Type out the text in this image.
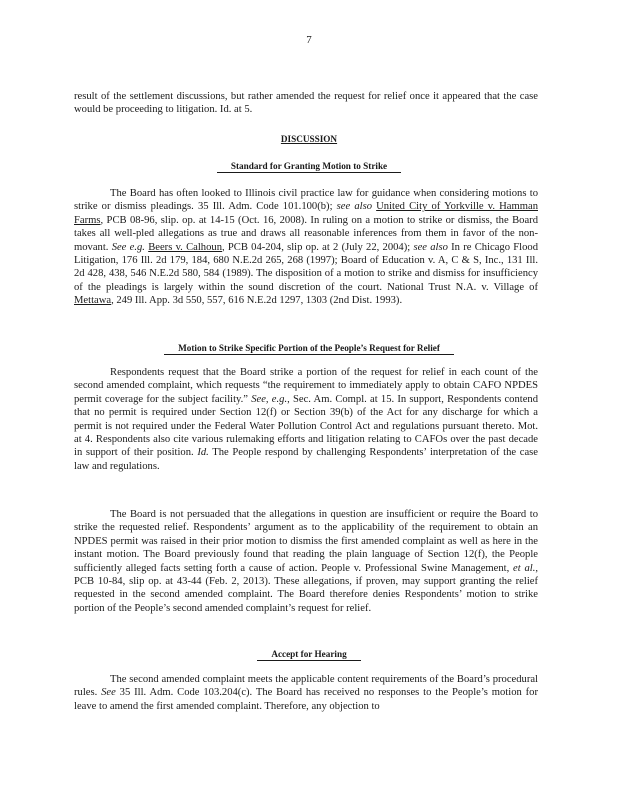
7

result of the settlement discussions, but rather amended the request for relief once it appeared that the case would be proceeding to litigation. Id. at 5.

DISCUSSION
Standard for Granting Motion to Strike

The Board has often looked to Illinois civil practice law for guidance when considering motions to strike or dismiss pleadings. 35 Ill. Adm. Code 101.100(b); see also United City of Yorkville v. Hamman Farms, PCB 08-96, slip. op. at 14-15 (Oct. 16, 2008). In ruling on a motion to strike or dismiss, the Board takes all well-pled allegations as true and draws all reasonable inferences from them in favor of the non-movant. See e.g. Beers v. Calhoun, PCB 04-204, slip op. at 2 (July 22, 2004); see also In re Chicago Flood Litigation, 176 Ill. 2d 179, 184, 680 N.E.2d 265, 268 (1997); Board of Education v. A, C & S, Inc., 131 Ill. 2d 428, 438, 546 N.E.2d 580, 584 (1989). The disposition of a motion to strike and dismiss for insufficiency of the pleadings is largely within the sound discretion of the court. National Trust N.A. v. Village of Mettawa, 249 Ill. App. 3d 550, 557, 616 N.E.2d 1297, 1303 (2nd Dist. 1993).

Motion to Strike Specific Portion of the People’s Request for Relief

Respondents request that the Board strike a portion of the request for relief in each count of the second amended complaint, which requests “the requirement to immediately apply to obtain CAFO NPDES permit coverage for the subject facility.” See, e.g., Sec. Am. Compl. at 15. In support, Respondents contend that no permit is required under Section 12(f) or Section 39(b) of the Act for any discharge for which a permit is not required under the Federal Water Pollution Control Act and regulations pursuant thereto. Mot. at 4. Respondents also cite various rulemaking efforts and litigation relating to CAFOs over the past decade in support of their position. Id. The People respond by challenging Respondents’ interpretation of the case law and regulations.

The Board is not persuaded that the allegations in question are insufficient or require the Board to strike the requested relief. Respondents’ argument as to the applicability of the requirement to obtain an NPDES permit was raised in their prior motion to dismiss the first amended complaint as well as here in the instant motion. The Board previously found that reading the plain language of Section 12(f), the People sufficiently alleged facts setting forth a cause of action. People v. Professional Swine Management, et al., PCB 10-84, slip op. at 43-44 (Feb. 2, 2013). These allegations, if proven, may support granting the relief requested in the second amended complaint. The Board therefore denies Respondents’ motion to strike portion of the People’s second amended complaint’s request for relief.

Accept for Hearing

The second amended complaint meets the applicable content requirements of the Board’s procedural rules. See 35 Ill. Adm. Code 103.204(c). The Board has received no responses to the People’s motion for leave to amend the first amended complaint. Therefore, any objection to
